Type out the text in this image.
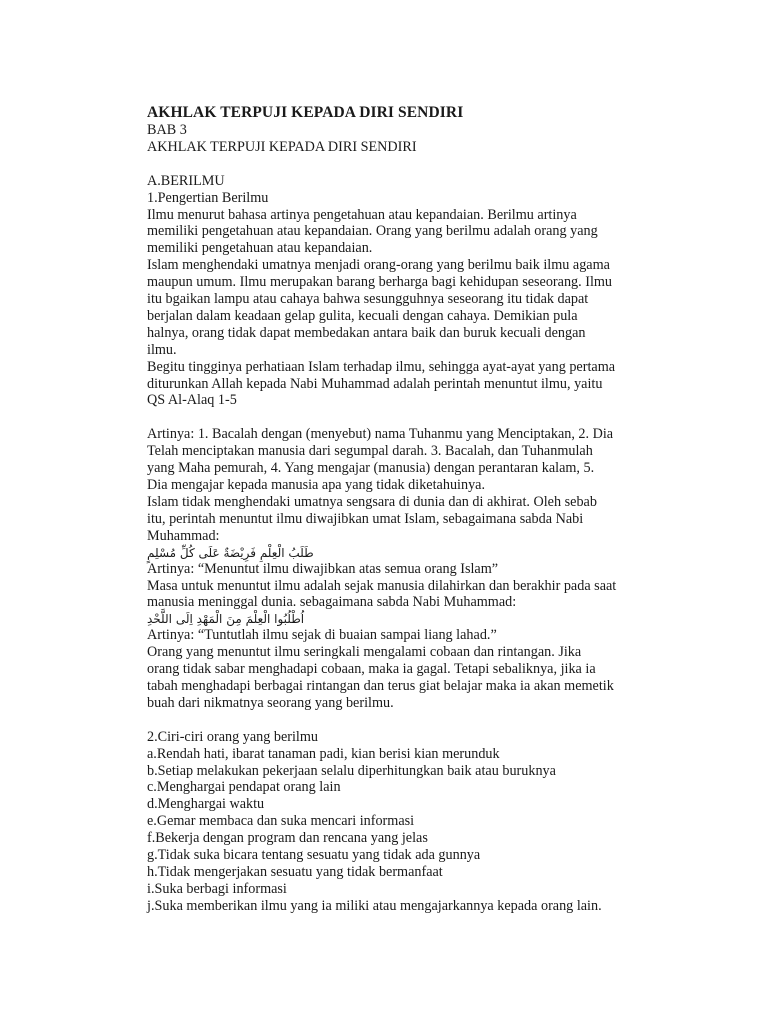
AKHLAK TERPUJI KEPADA DIRI SENDIRI

BAB 3

AKHLAK TERPUJI KEPADA DIRI SENDIRI

A.BERILMU

1.Pengertian Berilmu

Ilmu menurut bahasa artinya pengetahuan atau kepandaian. Berilmu artinya
memiliki pengetahuan atau kepandaian. Orang yang berilmu adalah orang yang
memiliki pengetahuan atau kepandaian.

Islam menghendaki umatnya menjadi orang-orang yang berilmu baik ilmu agama
maupun umum. Ilmu merupakan barang berharga bagi kehidupan seseorang. Ilmu
itu bgaikan lampu atau cahaya bahwa sesungguhnya seseorang itu tidak dapat
berjalan dalam keadaan gelap gulita, kecuali dengan cahaya. Demikian pula
halnya, orang tidak dapat membedakan antara baik dan buruk kecuali dengan
ilmu.

Begitu tingginya perhatiaan Islam terhadap ilmu, sehingga ayat-ayat yang pertama
diturunkan Allah kepada Nabi Muhammad adalah perintah menuntut ilmu, yaitu
QS Al-Alaq 1-5

Artinya: 1. Bacalah dengan (menyebut) nama Tuhanmu yang Menciptakan, 2. Dia
Telah menciptakan manusia dari segumpal darah. 3. Bacalah, dan Tuhanmulah
yang Maha pemurah, 4. Yang mengajar (manusia) dengan perantaran kalam, 5.
Dia mengajar kepada manusia apa yang tidak diketahuinya.

Islam tidak menghendaki umatnya sengsara di dunia dan di akhirat. Oleh sebab
itu, perintah menuntut ilmu diwajibkan umat Islam, sebagaimana sabda Nabi
Muhammad:

طَلَبُ الْعِلْمِ فَرِيْضَةٌ عَلَى كُلِّ مُسْلِمٍ

Artinya: “Menuntut ilmu diwajibkan atas semua orang Islam”

Masa untuk menuntut ilmu adalah sejak manusia dilahirkan dan berakhir pada saat
manusia meninggal dunia. sebagaimana sabda Nabi Muhammad:

اُطْلُبُوا الْعِلْمَ مِنَ الْمَهْدِ اِلَى اللَّحْدِ

Artinya: “Tuntutlah ilmu sejak di buaian sampai liang lahad.”

Orang yang menuntut ilmu seringkali mengalami cobaan dan rintangan. Jika
orang tidak sabar menghadapi cobaan, maka ia gagal. Tetapi sebaliknya, jika ia
tabah menghadapi berbagai rintangan dan terus giat belajar maka ia akan memetik
buah dari nikmatnya seorang yang berilmu.

2.Ciri-ciri orang yang berilmu

a.Rendah hati, ibarat tanaman padi, kian berisi kian merunduk
b.Setiap melakukan pekerjaan selalu diperhitungkan baik atau buruknya
c.Menghargai pendapat orang lain
d.Menghargai waktu
e.Gemar membaca dan suka mencari informasi
f.Bekerja dengan program dan rencana yang jelas
g.Tidak suka bicara tentang sesuatu yang tidak ada gunnya
h.Tidak mengerjakan sesuatu yang tidak bermanfaat
i.Suka berbagi informasi
j.Suka memberikan ilmu yang ia miliki atau mengajarkannya kepada orang lain.
